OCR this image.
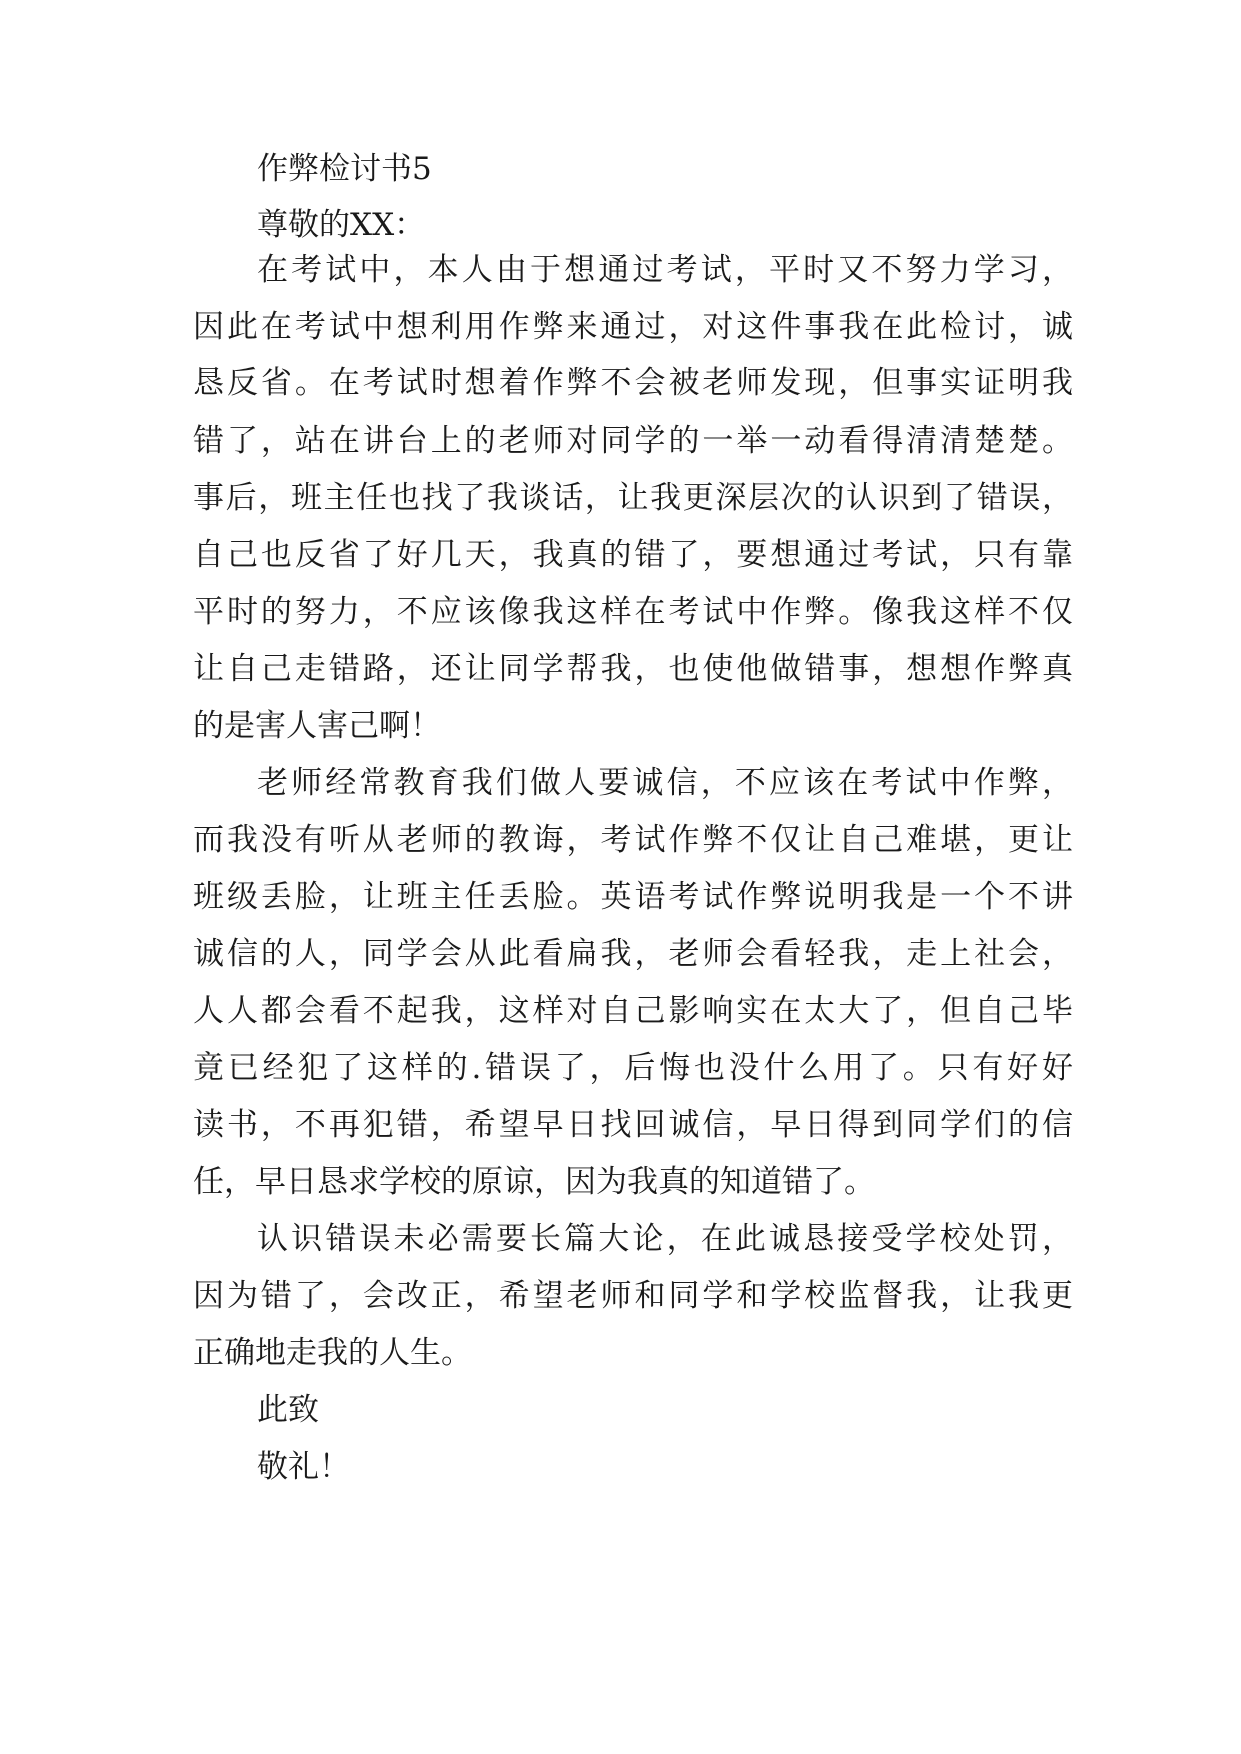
作弊检讨书5
尊敬的XX：
在考试中，本人由于想通过考试，平时又不努力学习，
因此在考试中想利用作弊来通过，对这件事我在此检讨，诚
恳反省。在考试时想着作弊不会被老师发现，但事实证明我
错了，站在讲台上的老师对同学的一举一动看得清清楚楚。
事后，班主任也找了我谈话，让我更深层次的认识到了错误，
自己也反省了好几天，我真的错了，要想通过考试，只有靠
平时的努力，不应该像我这样在考试中作弊。像我这样不仅
让自己走错路，还让同学帮我，也使他做错事，想想作弊真
的是害人害己啊！
老师经常教育我们做人要诚信，不应该在考试中作弊，
而我没有听从老师的教诲，考试作弊不仅让自己难堪，更让
班级丢脸，让班主任丢脸。英语考试作弊说明我是一个不讲
诚信的人，同学会从此看扁我，老师会看轻我，走上社会，
人人都会看不起我，这样对自己影响实在太大了，但自己毕
竟已经犯了这样的.错误了，后悔也没什么用了。只有好好
读书，不再犯错，希望早日找回诚信，早日得到同学们的信
任，早日恳求学校的原谅，因为我真的知道错了。
认识错误未必需要长篇大论，在此诚恳接受学校处罚，
因为错了，会改正，希望老师和同学和学校监督我，让我更
正确地走我的人生。
此致
敬礼！
